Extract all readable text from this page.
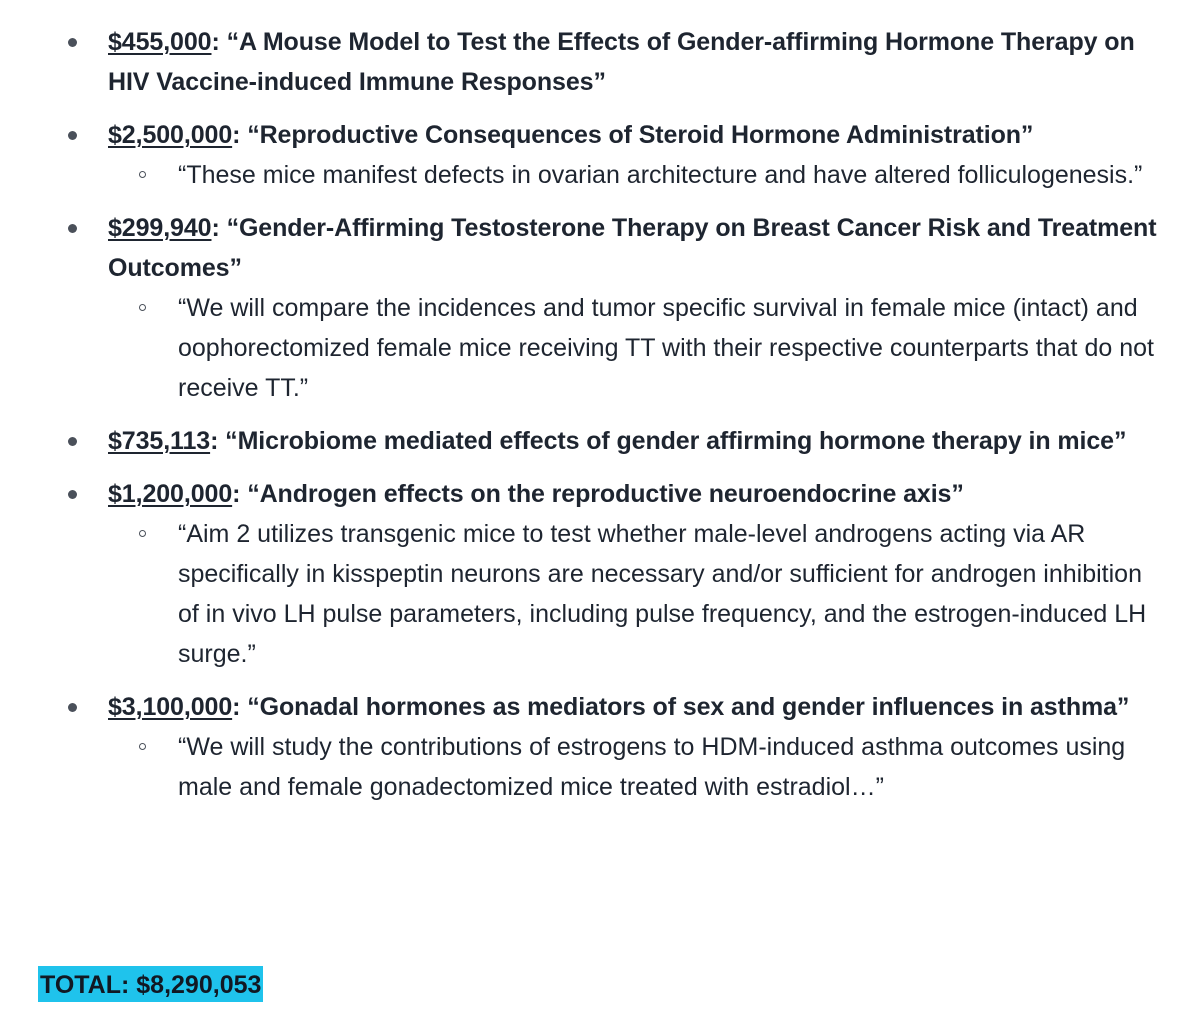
$455,000: “A Mouse Model to Test the Effects of Gender-affirming Hormone Therapy on HIV Vaccine-induced Immune Responses”
$2,500,000: “Reproductive Consequences of Steroid Hormone Administration”
“These mice manifest defects in ovarian architecture and have altered folliculogenesis.”
$299,940: “Gender-Affirming Testosterone Therapy on Breast Cancer Risk and Treatment Outcomes”
“We will compare the incidences and tumor specific survival in female mice (intact) and oophorectomized female mice receiving TT with their respective counterparts that do not receive TT.”
$735,113: “Microbiome mediated effects of gender affirming hormone therapy in mice”
$1,200,000: “Androgen effects on the reproductive neuroendocrine axis”
“Aim 2 utilizes transgenic mice to test whether male-level androgens acting via AR specifically in kisspeptin neurons are necessary and/or sufficient for androgen inhibition of in vivo LH pulse parameters, including pulse frequency, and the estrogen-induced LH surge.”
$3,100,000: “Gonadal hormones as mediators of sex and gender influences in asthma”
“We will study the contributions of estrogens to HDM-induced asthma outcomes using male and female gonadectomized mice treated with estradiol…”
TOTAL: $8,290,053
